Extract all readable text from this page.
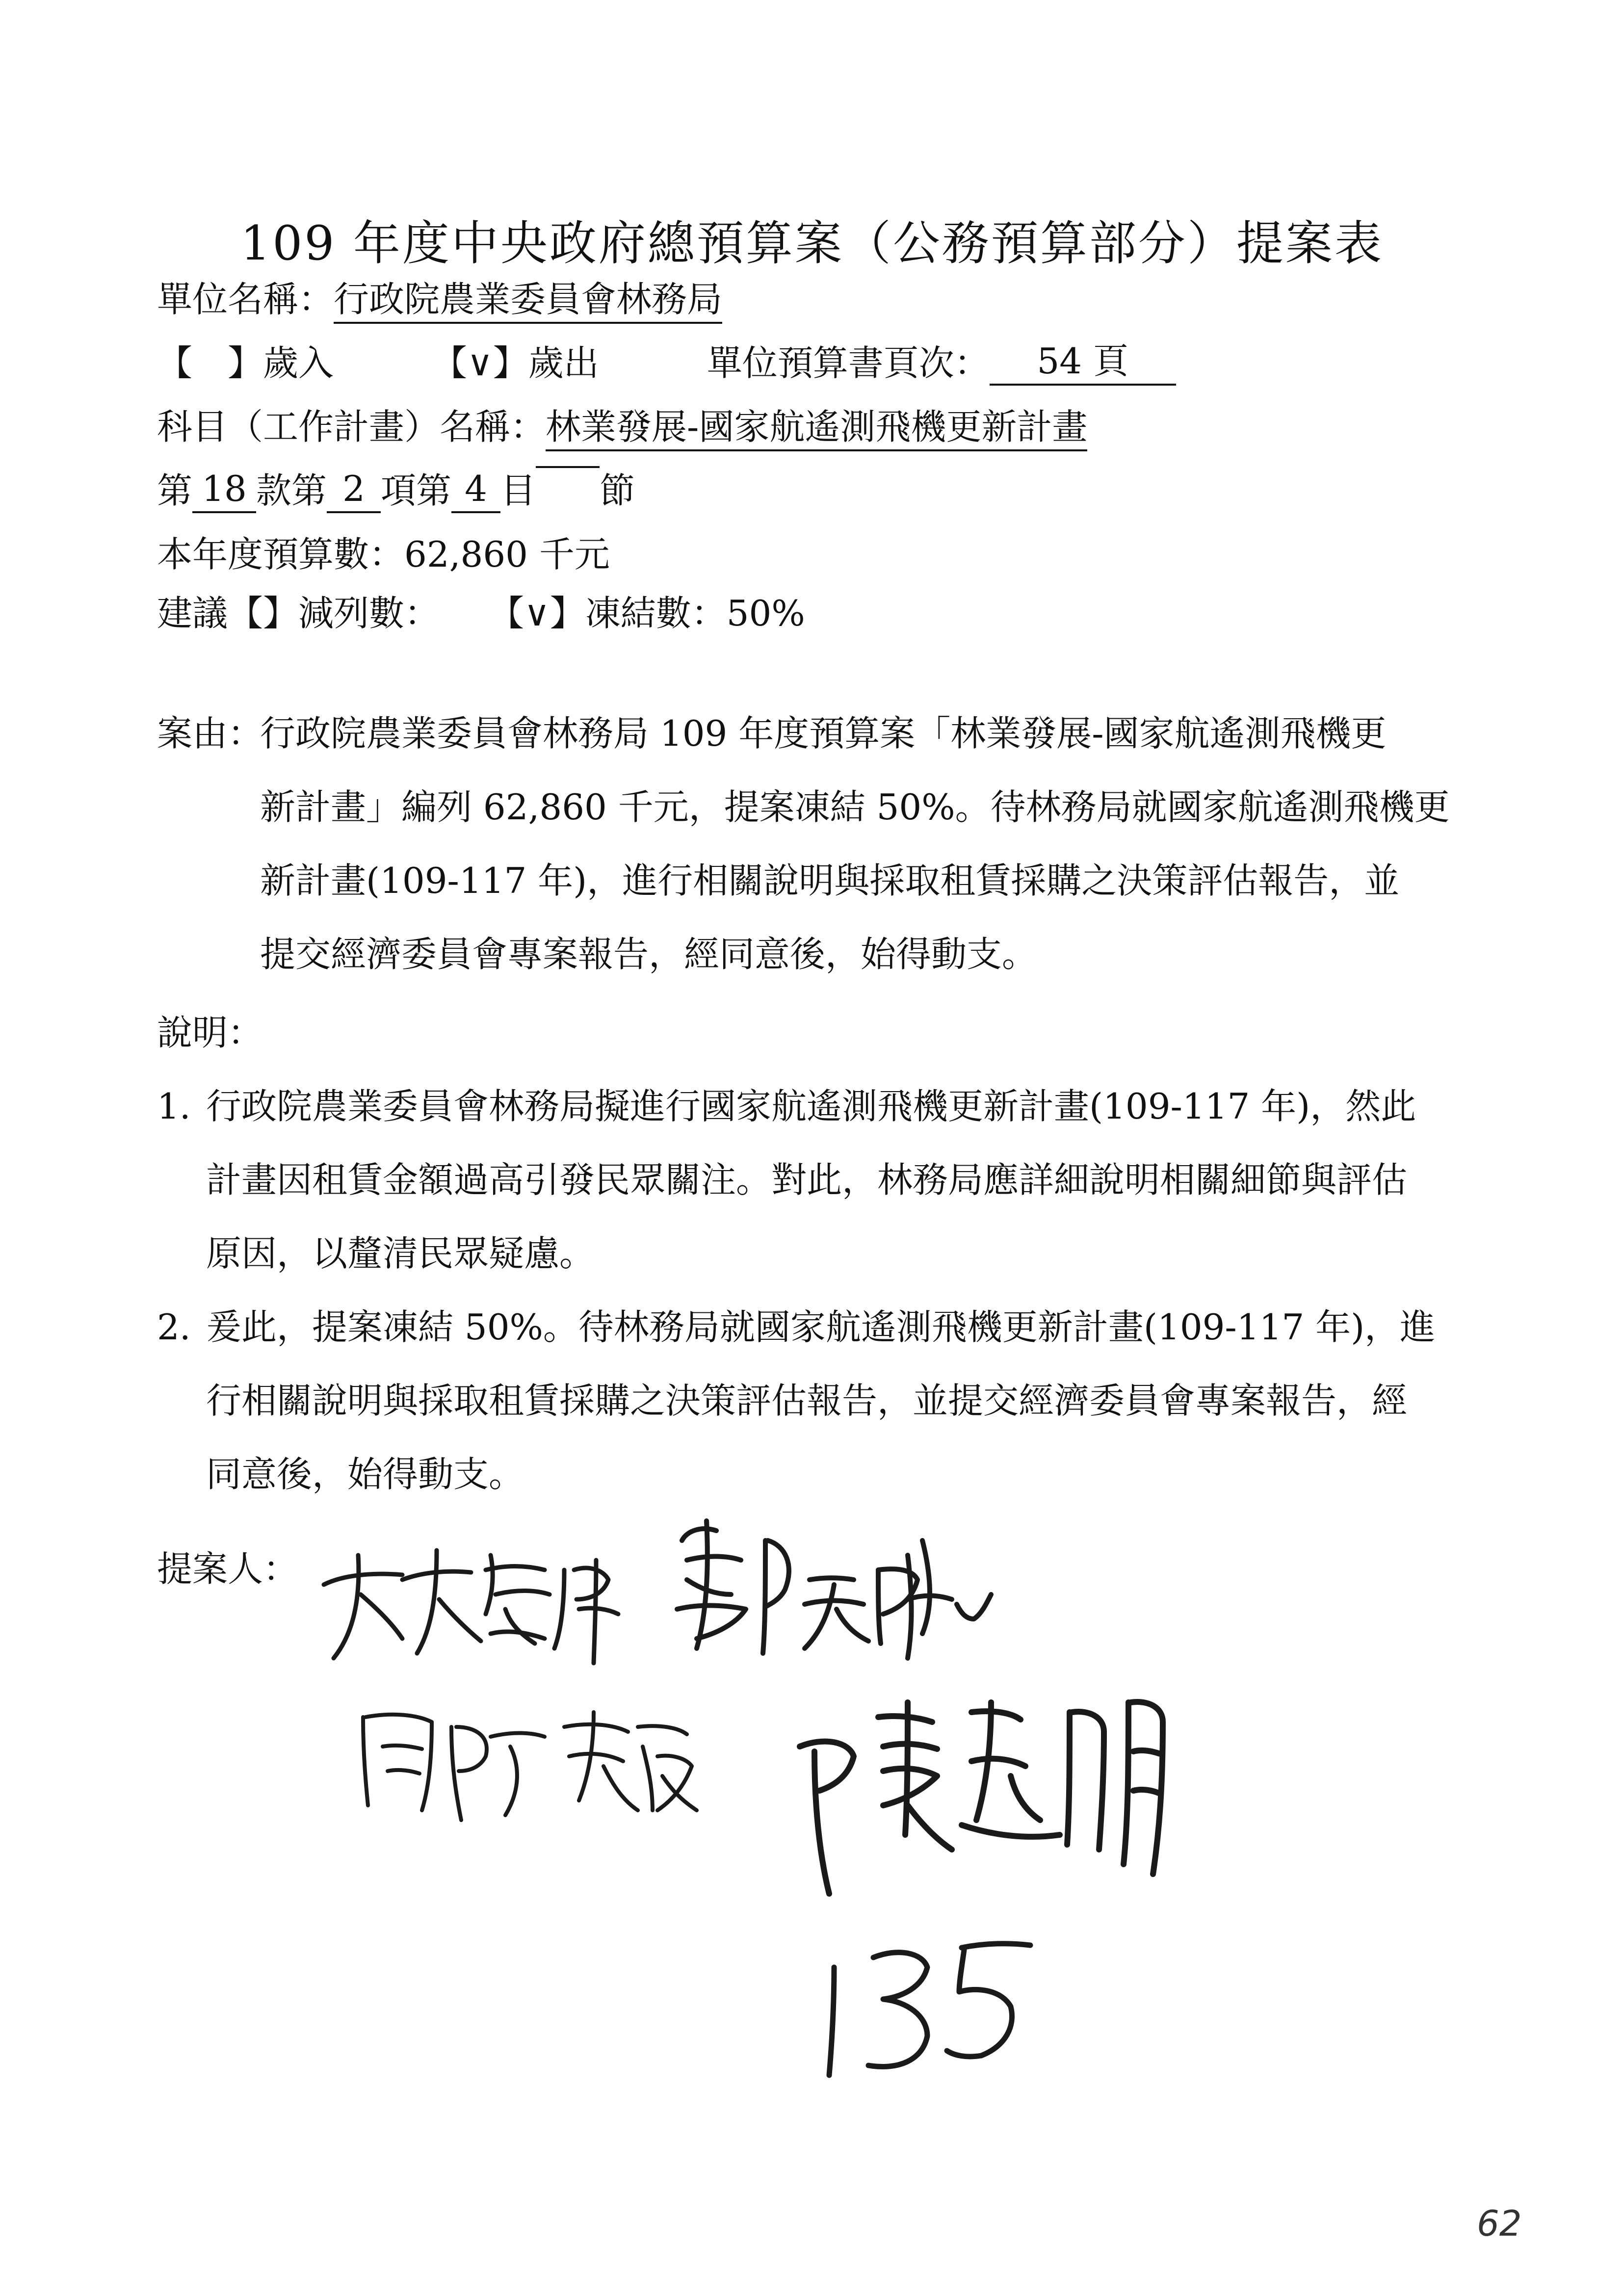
109 年度中央政府總預算案（公務預算部分）提案表
單位名稱：行政院農業委員會林務局
【　】歲入	【∨】歲出	單位預算書頁次： 54 頁
科目（工作計畫）名稱：林業發展-國家航遙測飛機更新計畫
第 18 款第 2 項第 4 目 節
本年度預算數：62,860 千元
建議【】減列數： 【∨】凍結數：50%
案由：
行政院農業委員會林務局 109 年度預算案「林業發展-國家航遙測飛機更
新計畫」編列 62,860 千元，提案凍結 50%。待林務局就國家航遙測飛機更
新計畫(109-117 年)，進行相關說明與採取租賃採購之決策評估報告，並
提交經濟委員會專案報告，經同意後，始得動支。
說明：
1. 行政院農業委員會林務局擬進行國家航遙測飛機更新計畫(109-117 年)，然此
計畫因租賃金額過高引發民眾關注。對此，林務局應詳細說明相關細節與評估
原因，以釐清民眾疑慮。
2. 爰此，提案凍結 50%。待林務局就國家航遙測飛機更新計畫(109-117 年)，進
行相關說明與採取租賃採購之決策評估報告，並提交經濟委員會專案報告，經
同意後，始得動支。
提案人：
62
